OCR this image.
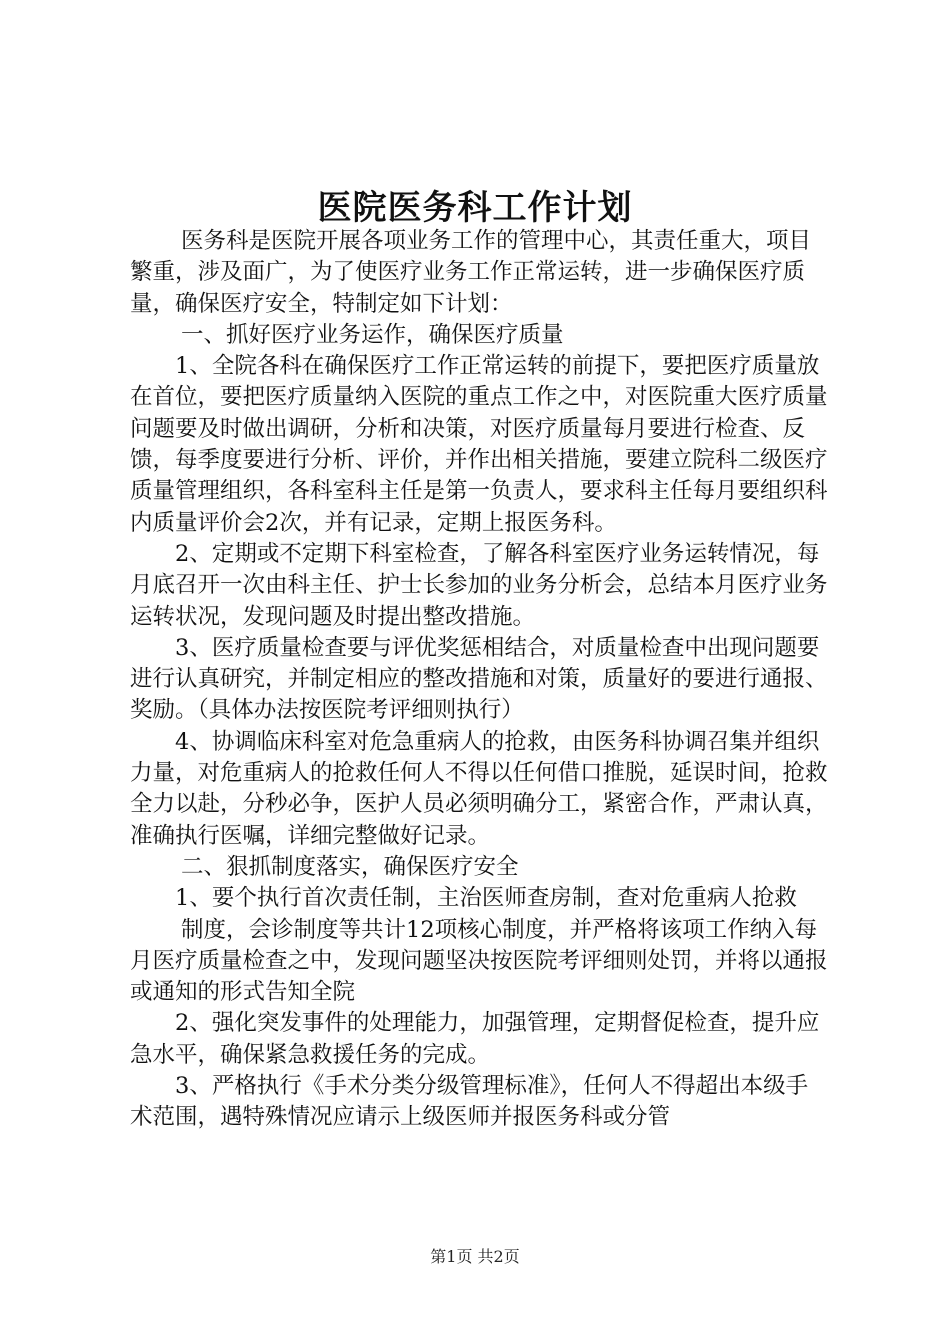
医院医务科工作计划

医务科是医院开展各项业务工作的管理中心，其责任重大，项目繁重，涉及面广，为了使医疗业务工作正常运转，进一步确保医疗质量，确保医疗安全，特制定如下计划：

一、抓好医疗业务运作，确保医疗质量

1、全院各科在确保医疗工作正常运转的前提下，要把医疗质量放在首位，要把医疗质量纳入医院的重点工作之中，对医院重大医疗质量问题要及时做出调研，分析和决策，对医疗质量每月要进行检查、反馈，每季度要进行分析、评价，并作出相关措施，要建立院科二级医疗质量管理组织，各科室科主任是第一负责人，要求科主任每月要组织科内质量评价会2次，并有记录，定期上报医务科。

2、定期或不定期下科室检查，了解各科室医疗业务运转情况，每月底召开一次由科主任、护士长参加的业务分析会，总结本月医疗业务运转状况，发现问题及时提出整改措施。

3、医疗质量检查要与评优奖惩相结合，对质量检查中出现问题要进行认真研究，并制定相应的整改措施和对策，质量好的要进行通报、奖励。（具体办法按医院考评细则执行）

4、协调临床科室对危急重病人的抢救，由医务科协调召集并组织力量，对危重病人的抢救任何人不得以任何借口推脱，延误时间，抢救全力以赴，分秒必争，医护人员必须明确分工，紧密合作，严肃认真，准确执行医嘱，详细完整做好记录。

二、狠抓制度落实，确保医疗安全

1、要个执行首次责任制，主治医师查房制，查对危重病人抢救

制度，会诊制度等共计12项核心制度，并严格将该项工作纳入每月医疗质量检查之中，发现问题坚决按医院考评细则处罚，并将以通报或通知的形式告知全院

2、强化突发事件的处理能力，加强管理，定期督促检查，提升应急水平，确保紧急救援任务的完成。

3、严格执行《手术分类分级管理标准》，任何人不得超出本级手术范围，遇特殊情况应请示上级医师并报医务科或分管

第1页 共2页
